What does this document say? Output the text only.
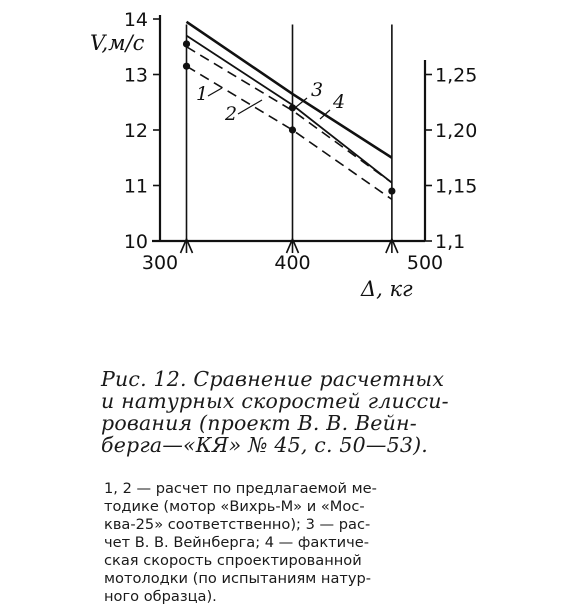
10
11
12
13
14
1,1
1,15
1,20
1,25
300	400	500
1
2
3
4
V,м/с
Δ, кг
Рис. 12. Сравнение расчетных
и натурных скоростей глисси-
рования (проект В. В. Вейн-
берга—«КЯ» № 45, с. 50—53).
1, 2 — расчет по предлагаемой ме-
тодике (мотор «Вихрь-М» и «Мос-
ква-25» соответственно); 3 — рас-
чет В. В. Вейнберга; 4 — фактиче-
ская скорость спроектированной
мотолодки (по испытаниям натур-
ного образца).
